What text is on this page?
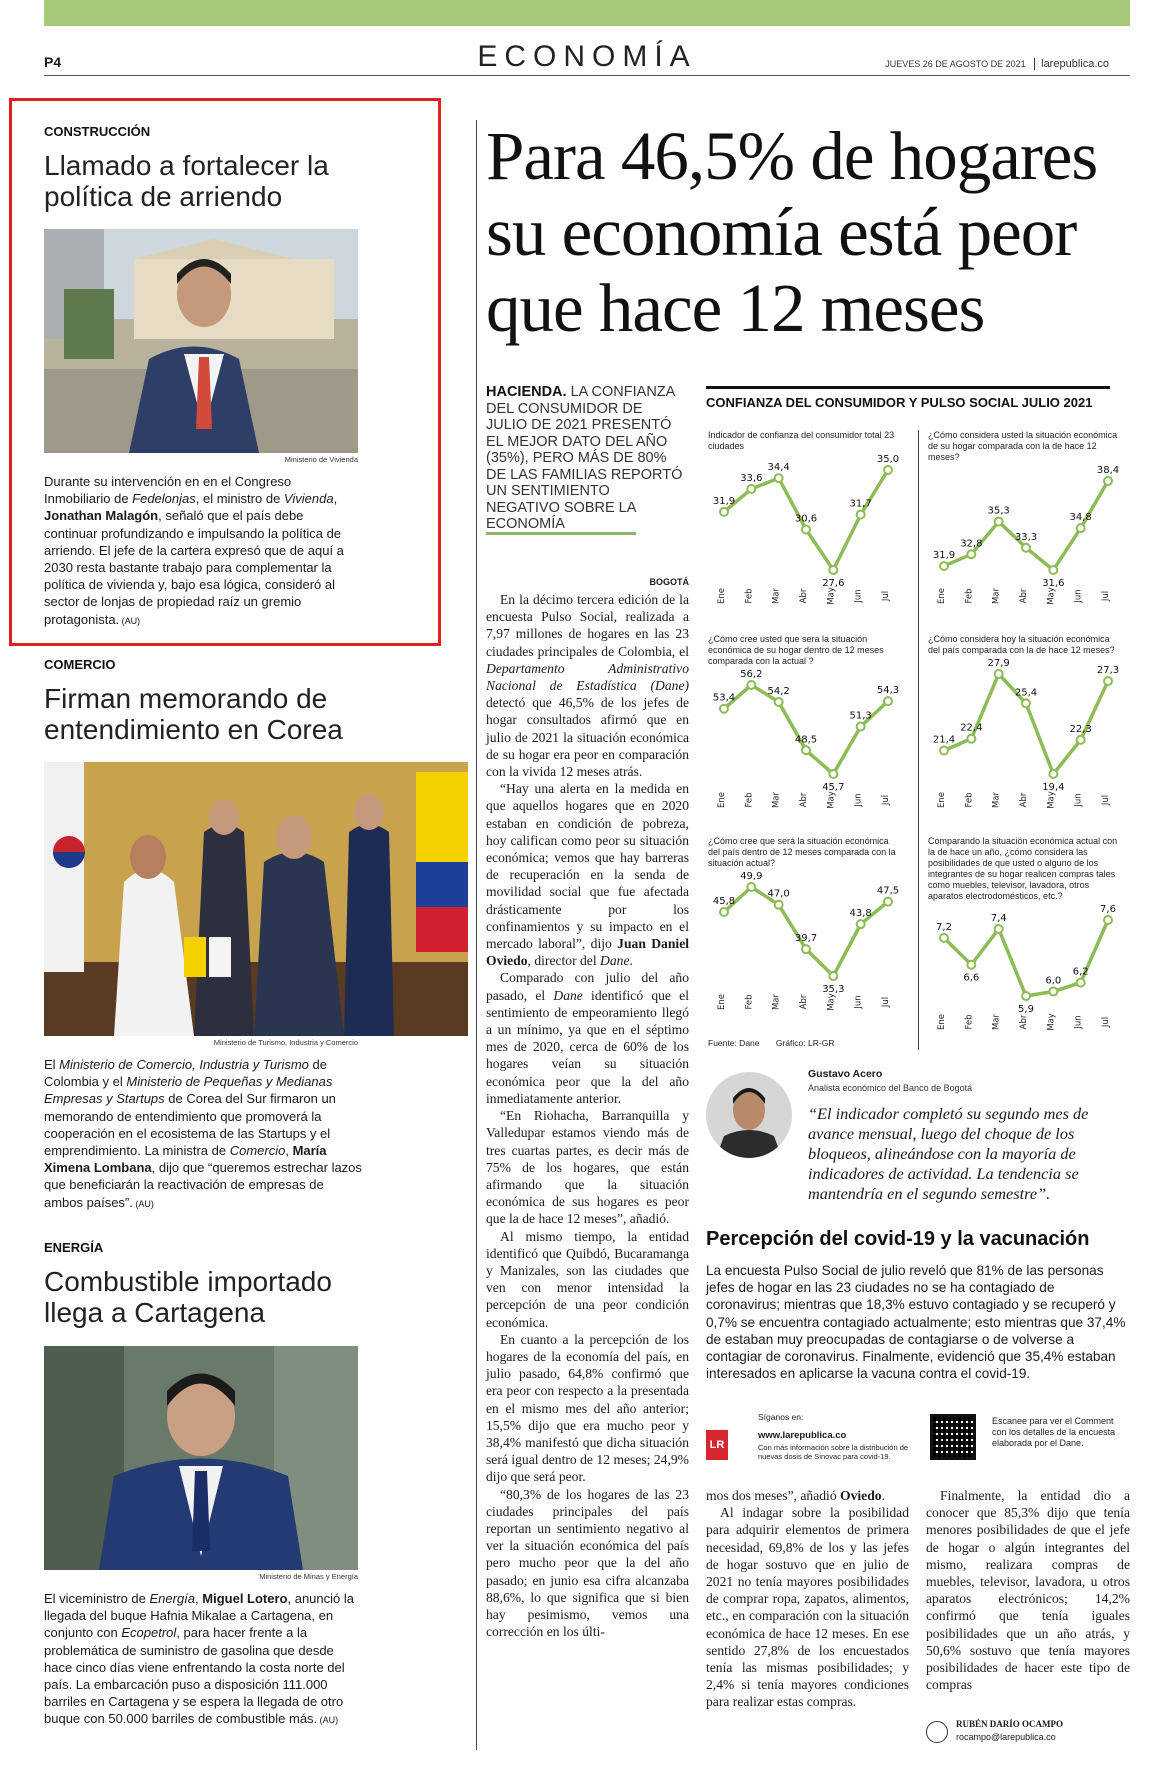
P4	ECONOMÍA	JUEVES 26 DE AGOSTO DE 2021 larepublica.co
CONSTRUCCIÓN
Llamado a fortalecer la política de arriendo
Ministerio de Vivienda
Durante su intervención en en el Congreso Inmobiliario de Fedelonjas, el ministro de Vivienda, Jonathan Malagón, señaló que el país debe continuar profundizando e impulsando la política de arriendo. El jefe de la cartera expresó que de aquí a 2030 resta bastante trabajo para complementar la política de vivienda y, bajo esa lógica, consideró al sector de lonjas de propiedad raíz un gremio protagonista. (AU)
COMERCIO
Firman memorando de entendimiento en Corea
Ministerio de Turismo, Industria y Comercio
El Ministerio de Comercio, Industria y Turismo de Colombia y el Ministerio de Pequeñas y Medianas Empresas y Startups de Corea del Sur firmaron un memorando de entendimiento que promoverá la cooperación en el ecosistema de las Startups y el emprendimiento. La ministra de Comercio, María Ximena Lombana, dijo que “queremos estrechar lazos que beneficiarán la reactivación de empresas de ambos países”. (AU)
ENERGÍA
Combustible importado llega a Cartagena
Ministerio de Minas y Energía
El viceministro de Energía, Miguel Lotero, anunció la llegada del buque Hafnia Mikalae a Cartagena, en conjunto con Ecopetrol, para hacer frente a la problemática de suministro de gasolina que desde hace cinco días viene enfrentando la costa norte del país. La embarcación puso a disposición 111.000 barriles en Cartagena y se espera la llegada de otro buque con 50.000 barriles de combustible más. (AU)
Para 46,5% de hogares su economía está peor que hace 12 meses
HACIENDA. LA CONFIANZA DEL CONSUMIDOR DE JULIO DE 2021 PRESENTÓ EL MEJOR DATO DEL AÑO (35%), PERO MÁS DE 80% DE LAS FAMILIAS REPORTÓ UN SENTIMIENTO NEGATIVO SOBRE LA ECONOMÍA
BOGOTÁ

En la décimo tercera edición de la encuesta Pulso Social, realizada a 7,97 millones de hogares en las 23 ciudades principales de Colombia, el Departamento Administrativo Nacional de Estadística (Dane) detectó que 46,5% de los jefes de hogar consultados afirmó que en julio de 2021 la situación económica de su hogar era peor en comparación con la vivida 12 meses atrás.

“Hay una alerta en la medida en que aquellos hogares que en 2020 estaban en condición de pobreza, hoy califican como peor su situación económica; vemos que hay barreras de recuperación en la senda de movilidad social que fue afectada drásticamente por los confinamientos y su impacto en el mercado laboral”, dijo Juan Daniel Oviedo, director del Dane.

Comparado con julio del año pasado, el Dane identificó que el sentimiento de empeoramiento llegó a un mínimo, ya que en el séptimo mes de 2020, cerca de 60% de los hogares veían su situación económica peor que la del año inmediatamente anterior.

“En Riohacha, Barranquilla y Valledupar estamos viendo más de tres cuartas partes, es decir más de 75% de los hogares, que están afirmando que la situación económica de sus hogares es peor que la de hace 12 meses”, añadió.

Al mismo tiempo, la entidad identificó que Quibdó, Bucaramanga y Manizales, son las ciudades que ven con menor intensidad la percepción de una peor condición económica.

En cuanto a la percepción de los hogares de la economía del país, en julio pasado, 64,8% confirmó que era peor con respecto a la presentada en el mismo mes del año anterior; 15,5% dijo que era mucho peor y 38,4% manifestó que dicha situación será igual dentro de 12 meses; 24,9% dijo que será peor.

“80,3% de los hogares de las 23 ciudades principales del país reportan un sentimiento negativo al ver la situación económica del país pero mucho peor que la del año pasado; en junio esa cifra alcanzaba 88,6%, lo que significa que si bien hay pesimismo, vemos una corrección en los últi-

mos dos meses”, añadió Oviedo.

Al indagar sobre la posibilidad para adquirir elementos de primera necesidad, 69,8% de los y las jefes de hogar sostuvo que en julio de 2021 no tenía mayores posibilidades de comprar ropa, zapatos, alimentos, etc., en comparación con la situación económica de hace 12 meses. En ese sentido 27,8% de los encuestados tenía las mismas posibilidades; y 2,4% si tenía mayores condiciones para realizar estas compras.

Finalmente, la entidad dio a conocer que 85,3% dijo que tenía menores posibilidades de que el jefe de hogar o algún integrantes del mismo, realizara compras de muebles, televisor, lavadora, u otros aparatos electrónicos; 14,2% confirmó que tenía iguales posibilidades que un año atrás, y 50,6% sostuvo que tenía mayores posibilidades de hacer este tipo de compras

RUBÉN DARÍO OCAMPO
rocampo@larepublica.co
CONFIANZA DEL CONSUMIDOR Y PULSO SOCIAL JULIO 2021
Indicador de confianza del consumidor total 23 ciudades
31,9
Ene
33,6
Feb
34,4
Mar
30,6
Abr
27,6
May
31,7
Jun
35,0
Jul
¿Cómo considera usted la situación económica de su hogar comparada con la de hace 12 meses?
31,9
Ene
32,8
Feb
35,3
Mar
33,3
Abr
31,6
May
34,8
Jun
38,4
Jul
¿Cómo cree usted que sera la situación económica de su hogar dentro de 12 meses comparada con la actual ?
53,4
Ene
56,2
Feb
54,2
Mar
48,5
Abr
45,7
May
51,3
Jun
54,3
Jul
¿Cómo considera hoy la situación económica del país comparada con la de hace 12 meses?
21,4
Ene
22,4
Feb
27,9
Mar
25,4
Abr
19,4
May
22,3
Jun
27,3
Jul
¿Cómo cree que será la situación económica del país dentro de 12 meses comparada con la situación actual?
45,8
Ene
49,9
Feb
47,0
Mar
39,7
Abr
35,3
May
43,8
Jun
47,5
Jul
Comparando la situación económica actual con la de hace un año, ¿cómo considera las posibilidades de que usted o alguno de los integrantes de su hogar realicen compras tales como muebles, televisor, lavadora, otros aparatos electrodomésticos, etc.?
7,2
Ene
6,6
Feb
7,4
Mar
5,9
Abr
6,0
May
6,2
Jun
7,6
Jul
Fuente: Dane Gráfico: LR-GR
Gustavo Acero
Analista económico del Banco de Bogotá
“El indicador completó su segundo mes de avance mensual, luego del choque de los bloqueos, alineándose con la mayoría de indicadores de actividad. La tendencia se mantendría en el segundo semestre”.
Percepción del covid-19 y la vacunación
La encuesta Pulso Social de julio reveló que 81% de las personas jefes de hogar en las 23 ciudades no se ha contagiado de coronavirus; mientras que 18,3% estuvo contagiado y se recuperó y 0,7% se encuentra contagiado actualmente; esto mientras que 37,4% de estaban muy preocupadas de contagiarse o de volverse a contagiar de coronavirus. Finalmente, evidenció que 35,4% estaban interesados en aplicarse la vacuna contra el covid-19.
Síganos en:
LR
www.larepublica.co
Con más información sobre la distribución de nuevas dosis de Sinovac para covid-19.
Escanee para ver el Comment con los detalles de la encuesta elaborada por el Dane.
